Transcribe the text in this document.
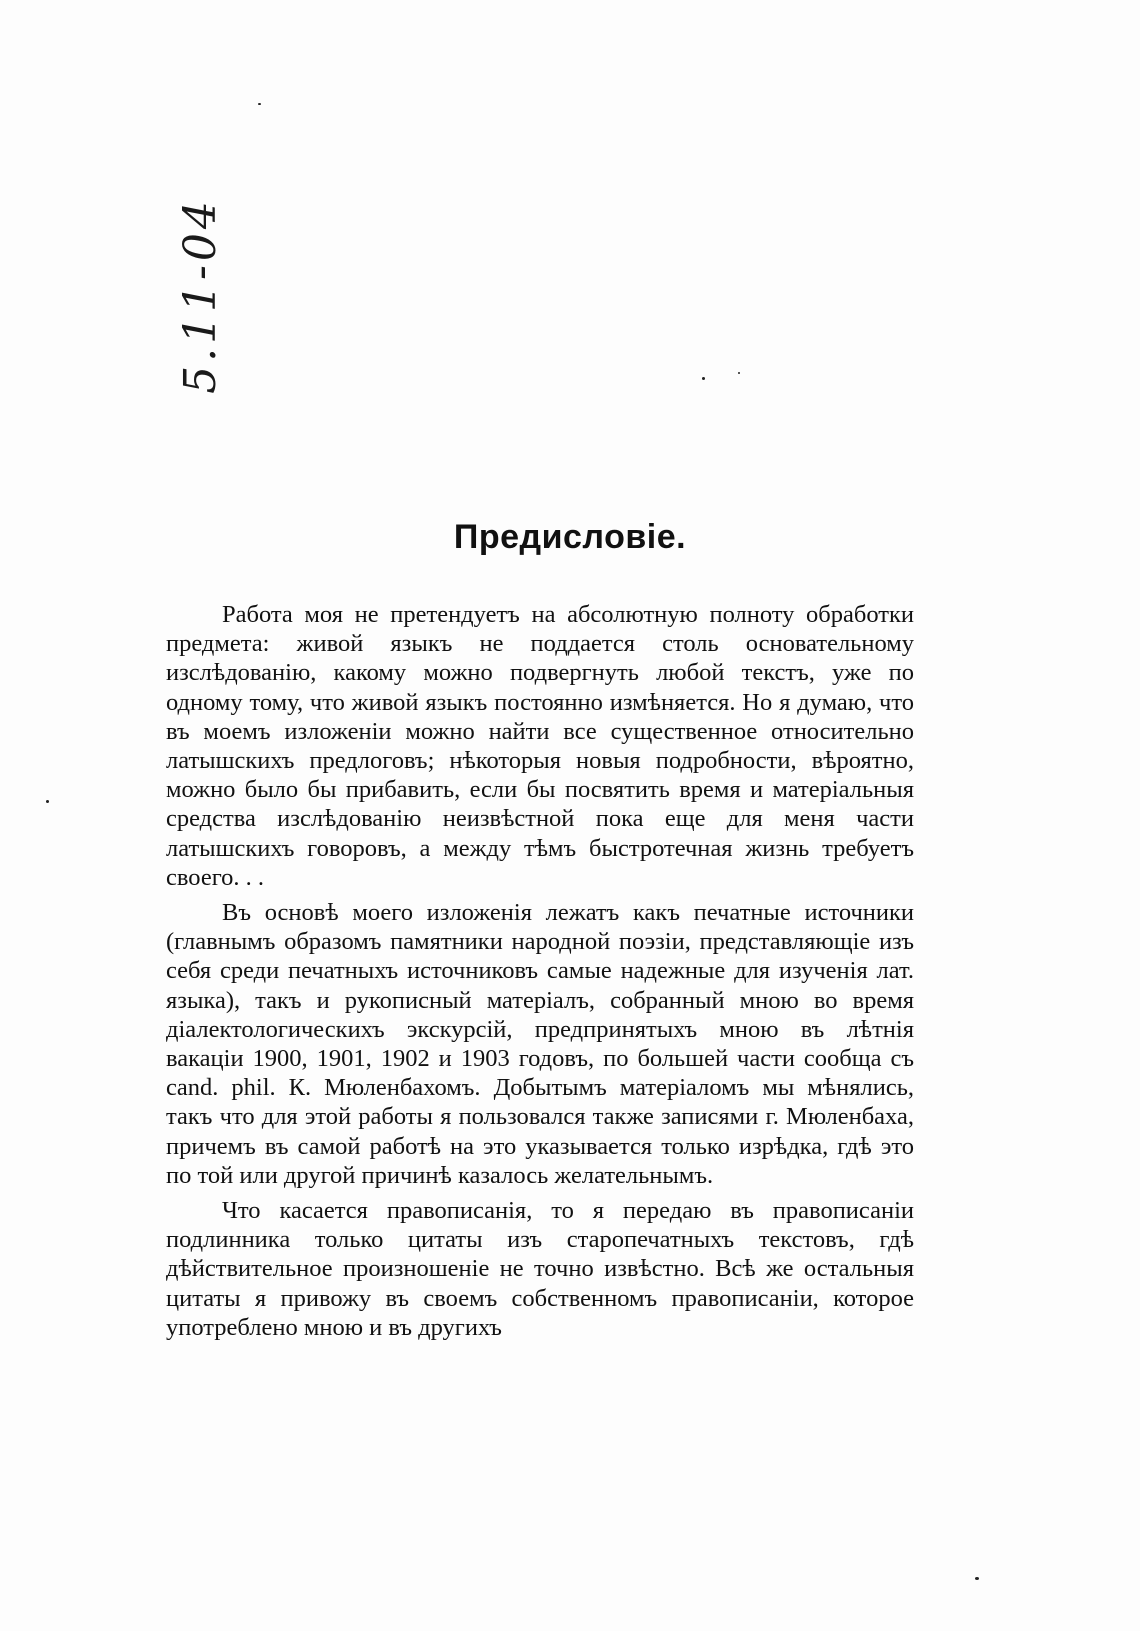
5.11-04
Предисловіе.

Работа моя не претендуетъ на абсолютную полноту обработки предмета: живой языкъ не поддается столь основательному изслѣдованію, какому можно подвергнуть любой текстъ, уже по одному тому, что живой языкъ постоянно измѣняется. Но я думаю, что въ моемъ изложеніи можно найти все существенное относительно латышскихъ предлоговъ; нѣкоторыя новыя подробности, вѣроятно, можно было бы прибавить, если бы посвятить время и матеріальныя средства изслѣдованію неизвѣстной пока еще для меня части латышскихъ говоровъ, а между тѣмъ быстротечная жизнь требуетъ своего. . .

Въ основѣ моего изложенія лежатъ какъ печатные источники (главнымъ образомъ памятники народной поэзіи, представляющіе изъ себя среди печатныхъ источниковъ самые надежные для изученія лат. языка), такъ и рукописный матеріалъ, собранный мною во время діалектологическихъ экскурсій, предпринятыхъ мною въ лѣтнія вакаціи 1900, 1901, 1902 и 1903 годовъ, по большей части сообща съ cand. phil. К. Мюленбахомъ. Добытымъ матеріаломъ мы мѣнялись, такъ что для этой работы я пользовался также записями г. Мюленбаха, причемъ въ самой работѣ на это указывается только изрѣдка, гдѣ это по той или другой причинѣ казалось желательнымъ.

Что касается правописанія, то я передаю въ правописаніи подлинника только цитаты изъ старопечатныхъ текстовъ, гдѣ дѣйствительное произношеніе не точно извѣстно. Всѣ же остальныя цитаты я привожу въ своемъ собственномъ правописаніи, которое употреблено мною и въ другихъ
